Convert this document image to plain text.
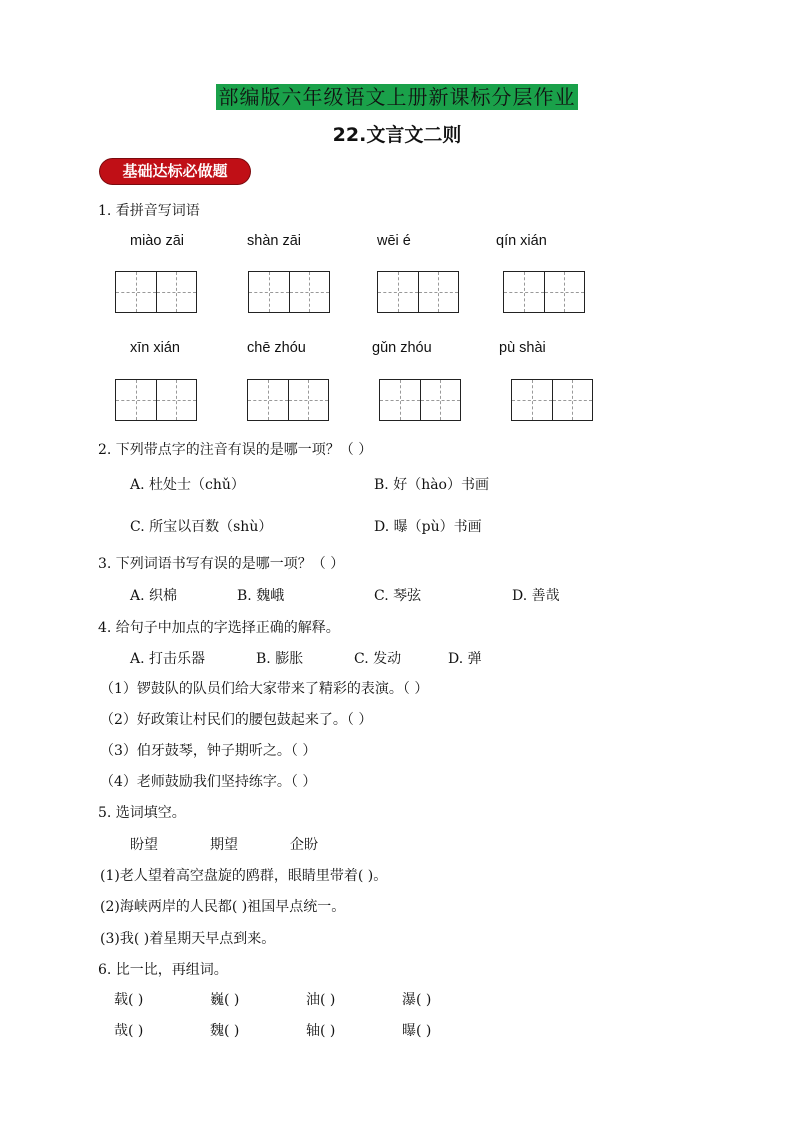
部编版六年级语文上册新课标分层作业
22.文言文二则
基础达标必做题
1. 看拼音写词语
miào zāi	shàn zāi	wēi é	qín xián
xīn xián	chē zhóu	gǔn zhóu	pù shài
2. 下列带点字的注音有误的是哪一项？（ ）
A. 杜处士（chǔ）	B. 好（hào）书画
C. 所宝以百数（shù）	D. 曝（pù）书画
3. 下列词语书写有误的是哪一项？（ ）
A. 织棉	B. 魏峨	C. 琴弦	D. 善哉
4. 给句子中加点的字选择正确的解释。
A. 打击乐器	B. 膨胀	C. 发动	D. 弹
（1）锣鼓队的队员们给大家带来了精彩的表演。（ ）
（2）好政策让村民们的腰包鼓起来了。（ ）
（3）伯牙鼓琴，钟子期听之。（ ）
（4）老师鼓励我们坚持练字。（ ）
5. 选词填空。
盼望	期望	企盼
(1)老人望着高空盘旋的鸥群，眼睛里带着( )。
(2)海峡两岸的人民都( )祖国早点统一。
(3)我( )着星期天早点到来。
6. 比一比，再组词。
载( )	巍( )	油( )	瀑( )
哉( )	魏( )	轴( )	曝( )
